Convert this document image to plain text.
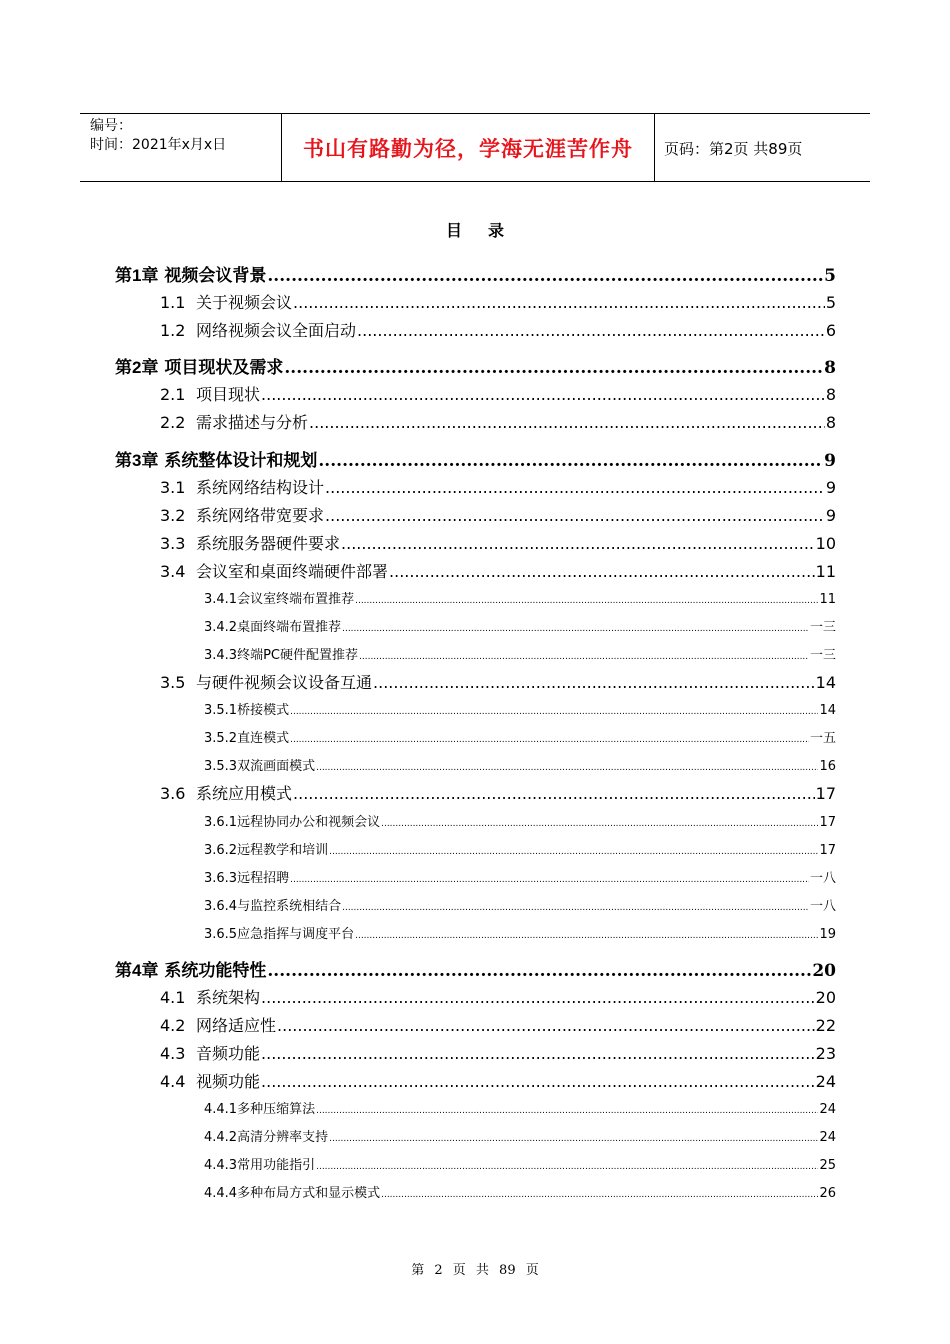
编号：
时间：2021年x月x日	书山有路勤为径，学海无涯苦作舟	页码：第2页 共89页
目录
第1章 视频会议背景 .....	5
1.1 关于视频会议 .....	5
1.2 网络视频会议全面启动 .....	6
第2章 项目现状及需求 .....	8
2.1 项目现状 .....	8
2.2 需求描述与分析 .....	8
第3章 系统整体设计和规划 .....	9
3.1 系统网络结构设计 .....	9
3.2 系统网络带宽要求 .....	9
3.3 系统服务器硬件要求 .....	10
3.4 会议室和桌面终端硬件部署 .....	11
3.4.1会议室终端布置推荐 .....	11
3.4.2桌面终端布置推荐 .....	一三
3.4.3终端PC硬件配置推荐 .....	一三
3.5 与硬件视频会议设备互通 .....	14
3.5.1桥接模式 .....	14
3.5.2直连模式 .....	一五
3.5.3双流画面模式 .....	16
3.6 系统应用模式 .....	17
3.6.1远程协同办公和视频会议 .....	17
3.6.2远程教学和培训 .....	17
3.6.3远程招聘 .....	一八
3.6.4与监控系统相结合 .....	一八
3.6.5应急指挥与调度平台 .....	19
第4章 系统功能特性 .....	20
4.1 系统架构 .....	20
4.2 网络适应性 .....	22
4.3 音频功能 .....	23
4.4 视频功能 .....	24
4.4.1多种压缩算法 .....	24
4.4.2高清分辨率支持 .....	24
4.4.3常用功能指引 .....	25
4.4.4多种布局方式和显示模式 .....	26
第 2 页 共 89 页
